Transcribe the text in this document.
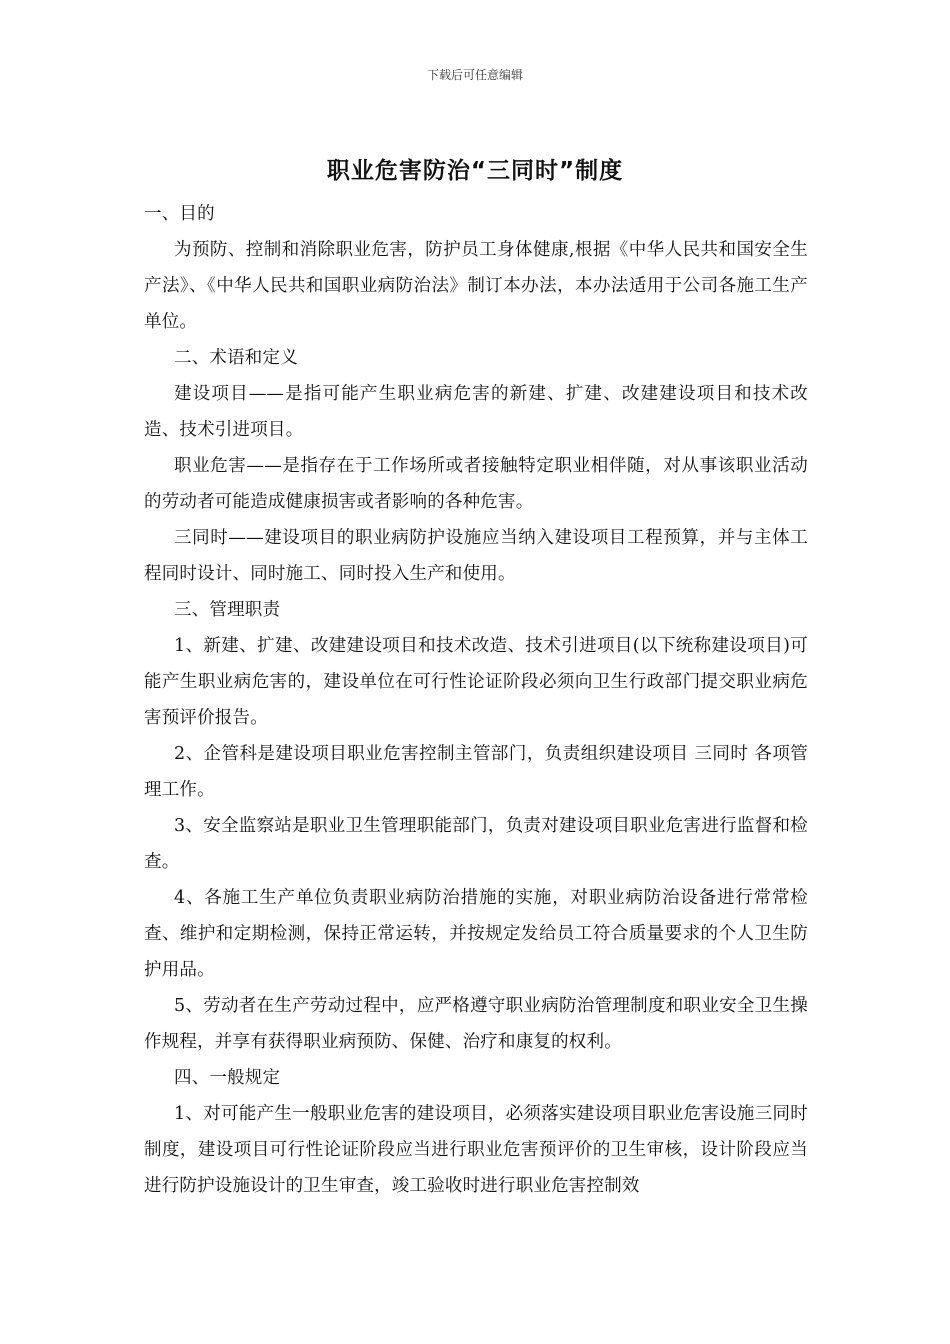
下载后可任意编辑
职业危害防治“三同时”制度

一、目的

为预防、控制和消除职业危害，防护员工身体健康,根据《中华人民共和国安全生产法》、《中华人民共和国职业病防治法》制订本办法，本办法适用于公司各施工生产单位。

二、术语和定义

建设项目——是指可能产生职业病危害的新建、扩建、改建建设项目和技术改造、技术引进项目。

职业危害——是指存在于工作场所或者接触特定职业相伴随，对从事该职业活动的劳动者可能造成健康损害或者影响的各种危害。

三同时——建设项目的职业病防护设施应当纳入建设项目工程预算，并与主体工程同时设计、同时施工、同时投入生产和使用。

三、管理职责

1、新建、扩建、改建建设项目和技术改造、技术引进项目(以下统称建设项目)可能产生职业病危害的，建设单位在可行性论证阶段必须向卫生行政部门提交职业病危害预评价报告。

2、企管科是建设项目职业危害控制主管部门，负责组织建设项目 三同时 各项管理工作。

3、安全监察站是职业卫生管理职能部门，负责对建设项目职业危害进行监督和检查。

4、各施工生产单位负责职业病防治措施的实施，对职业病防治设备进行常常检查、维护和定期检测，保持正常运转，并按规定发给员工符合质量要求的个人卫生防护用品。

5、劳动者在生产劳动过程中，应严格遵守职业病防治管理制度和职业安全卫生操作规程，并享有获得职业病预防、保健、治疗和康复的权利。

四、一般规定

1、对可能产生一般职业危害的建设项目，必须落实建设项目职业危害设施三同时 制度，建设项目可行性论证阶段应当进行职业危害预评价的卫生审核，设计阶段应当进行防护设施设计的卫生审查，竣工验收时进行职业危害控制效
